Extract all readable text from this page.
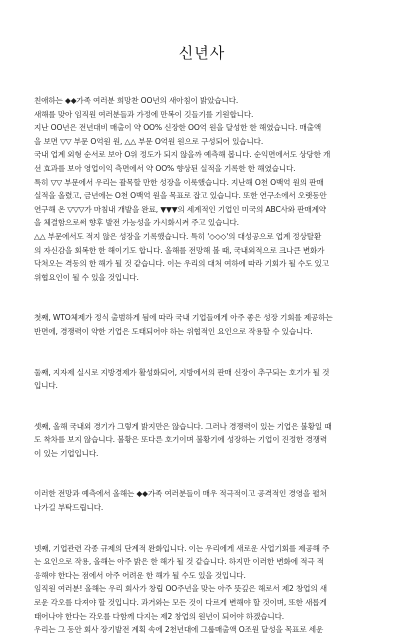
신년사

친애하는 ◆◆가족 여러분 희망찬 OO년의 새아침이 밝았습니다.

새해를 맞아 임직원 여러분들과 가정에 만복이 깃들기를 기원합니다.

지난 OO년은 전년대비 매출이 약 OO% 신장한 OO억 원을 달성한 한 해였습니다. 매출액

을 보면 ▽▽ 부문 O억원 원, △△ 부문 O억원 원으로 구성되어 있습니다.

국내 업계 외형 순서로 보아 O위 정도가 되지 않을까 예측해 봅니다. 순익면에서도 상당한 개

선 효과를 보아 영업이익 측면에서 약 OO% 향상된 실적을 기록한 한 해였습니다.

특히 ▽▽ 부문에서 우리는 괄목할 만한 성장을 이룩했습니다. 지난해 O천 O백억 원의 판매

실적을 올렸고, 금년에는 O천 O백억 원을 목표로 잡고 있습니다. 또한 연구소에서 오랫동안

연구해 온 ▽▽▽가 마침내 개발을 완료, ▼▼▼의 세계적인 기업인 미국의 ABC사와 판매계약

을 체결함으로써 향후 발전 가능성을 가시화시켜 주고 있습니다.

△△ 부문에서도 적지 않은 성장을 기록했습니다. 특히 '◇◇◇'의 대성공으로 업계 정상탈환

의 자신감을 회복한 한 해이기도 합니다. 올해를 전망해 볼 때, 국내외적으로 크나큰 변화가

닥쳐오는 격동의 한 해가 될 것 같습니다. 이는 우리의 대처 여하에 따라 기회가 될 수도 있고

위협요인이 될 수 있을 것입니다.

첫째, WTO체제가 정식 출범하게 됨에 따라 국내 기업들에게 아주 좋은 성장 기회를 제공하는

반면에, 경쟁력이 약한 기업은 도태되어야 하는 위협적인 요인으로 작용할 수 있습니다.

둘째, 지자제 실시로 지방경제가 활성화되어, 지방에서의 판매 신장이 추구되는 호기가 될 것

입니다.

셋째, 올해 국내외 경기가 그렇게 밝지만은 않습니다. 그러나 경쟁력이 있는 기업은 불황일 때

도 착차를 보지 않습니다. 불황은 또다른 호기이며 불황기에 성장하는 기업이 진정한 경쟁력

이 있는 기업입니다.

이러한 전망과 예측에서 올해는 ◆◆가족 여러분들이 매우 적극적이고 공격적인 경영을 펼쳐

나가길 부탁드립니다.

넷째, 기업관련 각종 규제의 단계적 완화입니다. 이는 우리에게 새로운 사업기회를 제공해 주

는 요인으로 작용, 올해는 아주 밝은 한 해가 될 것 같습니다. 하지만 이러한 변화에 적극 적

응해야 한다는 점에서 아주 어려운 한 해가 될 수도 있을 것입니다.

임직원 여러분! 올해는 우리 회사가 창립 OO주년을 맞는 아주 뜻깊은 해로서 제2 창업의 새

로운 각오를 다져야 할 것입니다. 과거와는 모든 것이 다르게 변해야 할 것이며, 또한 새롭게

태어나야 한다는 각오를 다함께 다지는 제2 창업의 원년이 되어야 하겠습니다.

우리는 그 동안 회사 장기발전 계획 속에 2천년대에 그룹매출액 O조원 달성을 목표로 세운
